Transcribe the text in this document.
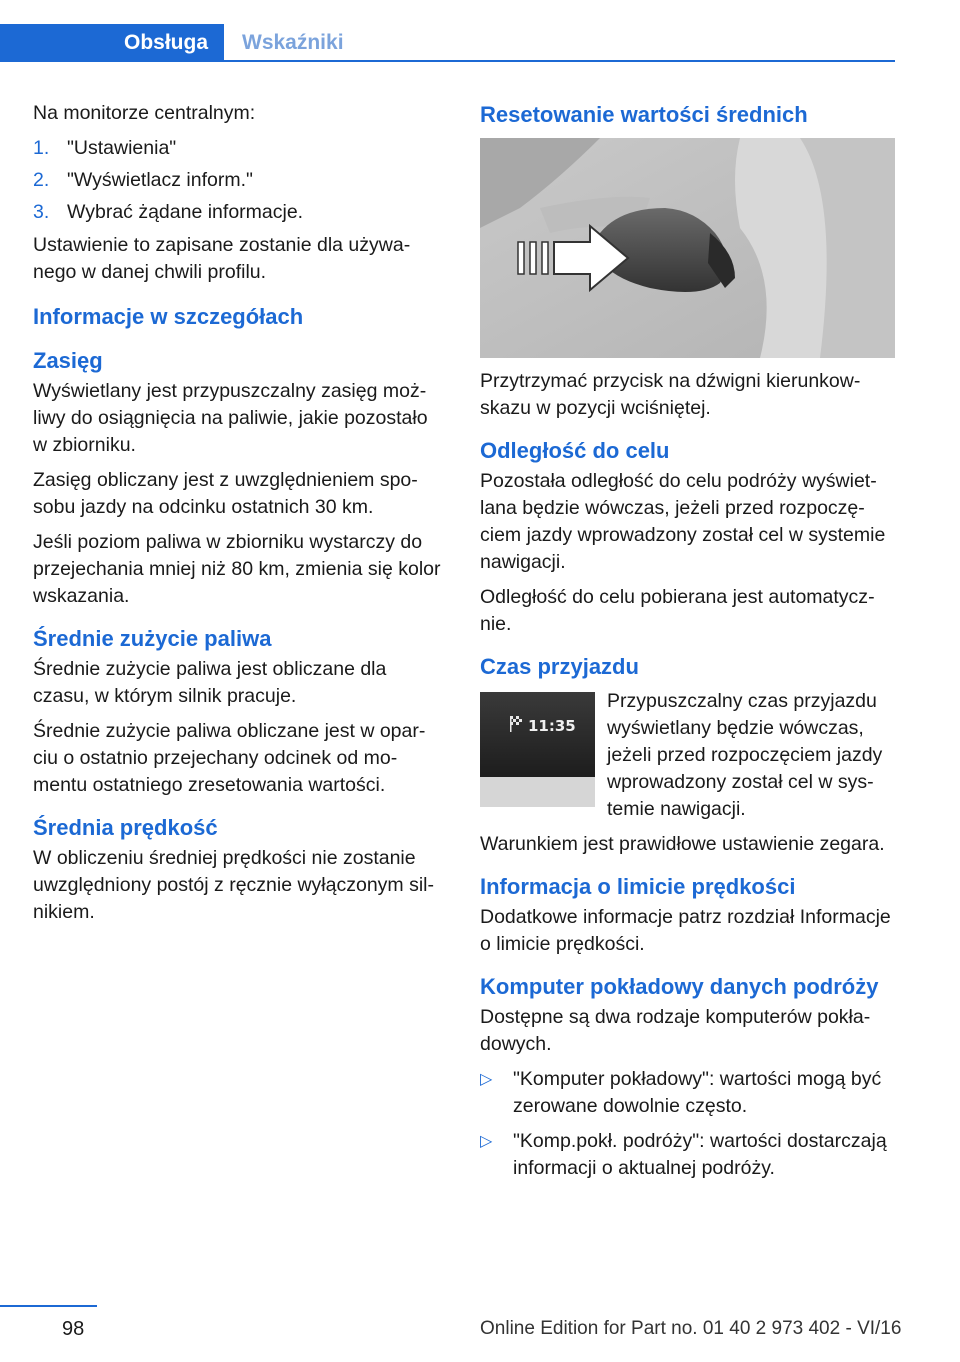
Obsługa	Wskaźniki

Na monitorze centralnym:

1. "Ustawienia"
2. "Wyświetlacz inform."
3. Wybrać żądane informacje.

Ustawienie to zapisane zostanie dla używanego w danej chwili profilu.

Informacje w szczegółach
Zasięg

Wyświetlany jest przypuszczalny zasięg możliwy do osiągnięcia na paliwie, jakie pozostało w zbiorniku.

Zasięg obliczany jest z uwzględnieniem sposobu jazdy na odcinku ostatnich 30 km.

Jeśli poziom paliwa w zbiorniku wystarczy do przejechania mniej niż 80 km, zmienia się kolor wskazania.

Średnie zużycie paliwa

Średnie zużycie paliwa jest obliczane dla czasu, w którym silnik pracuje.

Średnie zużycie paliwa obliczane jest w oparciu o ostatnio przejechany odcinek od momentu ostatniego zresetowania wartości.

Średnia prędkość

W obliczeniu średniej prędkości nie zostanie uwzględniony postój z ręcznie wyłączonym silnikiem.

Resetowanie wartości średnich

Przytrzymać przycisk na dźwigni kierunkowskazu w pozycji wciśniętej.

Odległość do celu

Pozostała odległość do celu podróży wyświetlana będzie wówczas, jeżeli przed rozpoczęciem jazdy wprowadzony został cel w systemie nawigacji.

Odległość do celu pobierana jest automatycznie.

Czas przyjazdu
11:35

Przypuszczalny czas przyjazdu wyświetlany będzie wówczas, jeżeli przed rozpoczęciem jazdy wprowadzony został cel w systemie nawigacji.

Warunkiem jest prawidłowe ustawienie zegara.

Informacja o limicie prędkości

Dodatkowe informacje patrz rozdział Informacje o limicie prędkości.

Komputer pokładowy danych podróży

Dostępne są dwa rodzaje komputerów pokładowych.

▷ "Komputer pokładowy": wartości mogą być zerowane dowolnie często.
▷ "Komp.pokł. podróży": wartości dostarczają informacji o aktualnej podróży.
98	Online Edition for Part no. 01 40 2 973 402 - VI/16
